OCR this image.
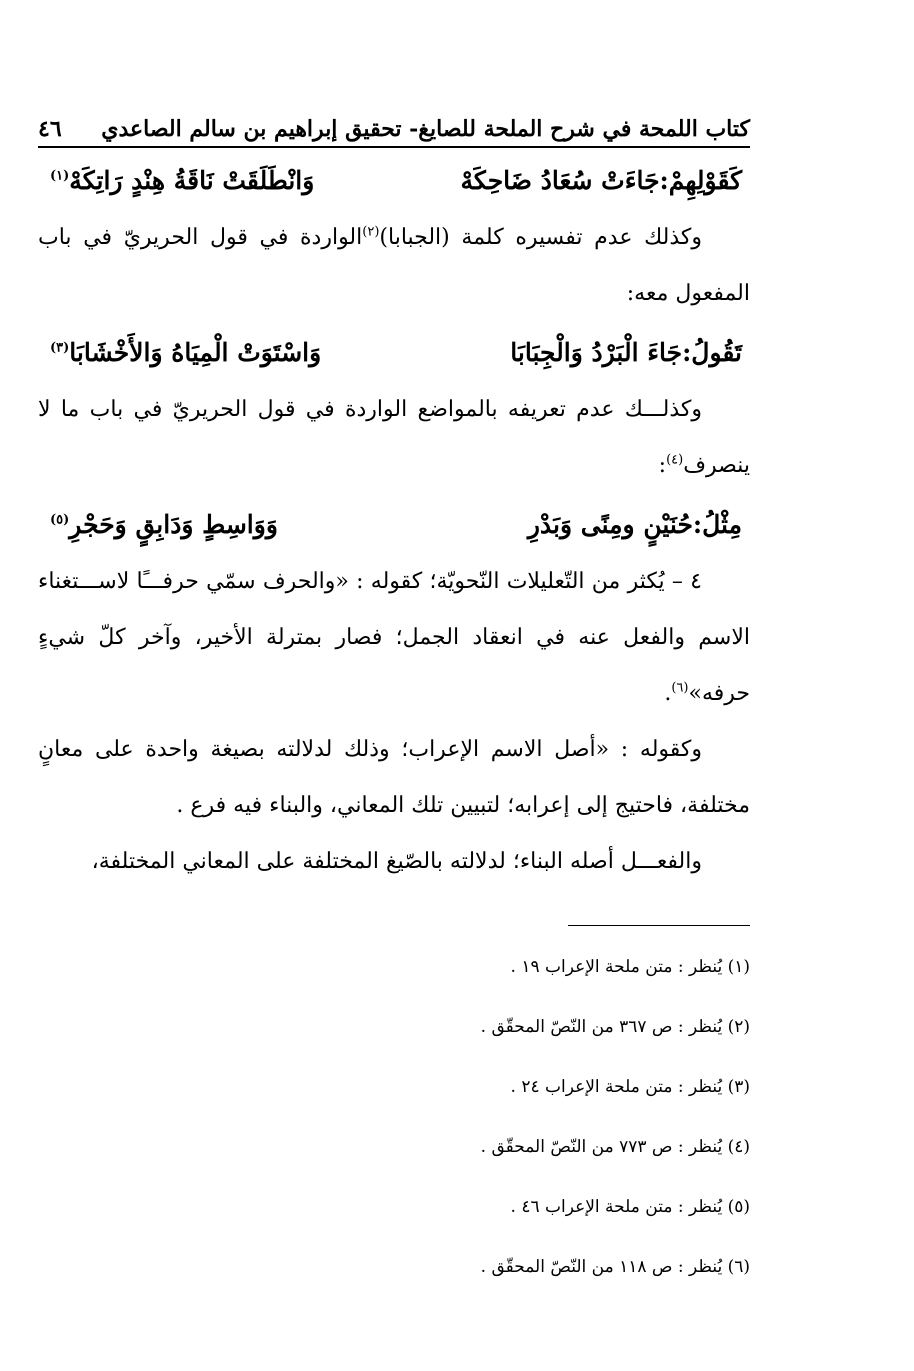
كتاب اللمحة في شرح الملحة للصايغ- تحقيق إبراهيم بن سالم الصاعدي
٤٦
كَقَوْلِهِمْ:جَاءَتْ سُعَادُ ضَاحِكَهْ
وَانْطَلَقَتْ نَاقَةُ هِنْدٍ رَاتِكَهْ$^{(١)}$

وكذلك عدم تفسيره كلمة (الجبابا)$^{(٢)}$الواردة في قول الحريريّ في باب المفعول معه:

تَقُولُ:جَاءَ الْبَرْدُ وَالْجِبَابَا
وَاسْتَوَتْ الْمِيَاهُ وَالأَخْشَابَا$^{(٣)}$

وكذلـــك عدم تعريفه بالمواضع الواردة في قول الحريريّ في باب ما لا ينصرف$^{(٤)}$:

مِثْلُ:حُنَيْنٍ ومِنًى وَبَدْرِ
وَوَاسِطٍ وَدَابِقٍ وَحَجْرِ$^{(٥)}$

٤ – يُكثر من التّعليلات النّحويّة؛ كقوله : «والحرف سمّي حرفـــًا لاســـتغناء الاسم والفعل عنه في انعقاد الجمل؛ فصار بمترلة الأخير، وآخر كلّ شيءٍ حرفه»$^{(٦)}$.

وكقوله : «أصل الاسم الإعراب؛ وذلك لدلالته بصيغة واحدة على معانٍ مختلفة، فاحتيج إلى إعرابه؛ لتبيين تلك المعاني، والبناء فيه فرع .

والفعـــل أصله البناء؛ لدلالته بالصّيغ المختلفة على المعاني المختلفة،

(١) يُنظر : متن ملحة الإعراب ١٩ .
(٢) يُنظر : ص ٣٦٧ من النّصّ المحقّق .
(٣) يُنظر : متن ملحة الإعراب ٢٤ .
(٤) يُنظر : ص ٧٧٣ من النّصّ المحقّق .
(٥) يُنظر : متن ملحة الإعراب ٤٦ .
(٦) يُنظر : ص ١١٨ من النّصّ المحقّق .
